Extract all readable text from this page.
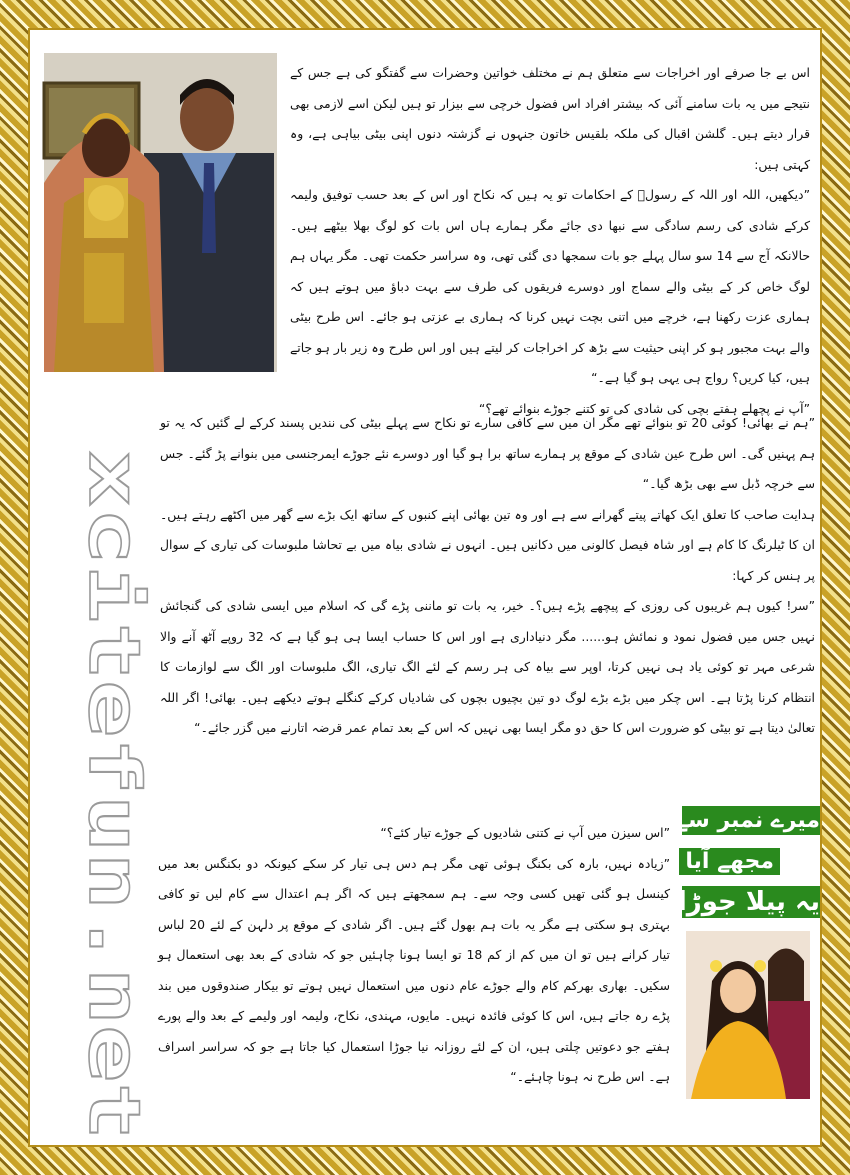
اس بے جا صرفے اور اخراجات سے متعلق ہم نے مختلف خواتین وحضرات سے گفتگو کی ہے جس کے نتیجے میں یہ بات سامنے آئی کہ بیشتر افراد اس فضول خرچی سے بیزار تو ہیں لیکن اسے لازمی بھی قرار دیتے ہیں۔ گلشن اقبال کی ملکہ بلقیس خاتون جنہوں نے گزشتہ دنوں اپنی بیٹی بیاہی ہے، وہ کہتی ہیں:

”دیکھیں، اللہ اور اللہ کے رسولؐ کے احکامات تو یہ ہیں کہ نکاح اور اس کے بعد حسب توفیق ولیمہ کرکے شادی کی رسم سادگی سے نبھا دی جائے مگر ہمارے ہاں اس بات کو لوگ بھلا بیٹھے ہیں۔ حالانکہ آج سے 14 سو سال پہلے جو بات سمجھا دی گئی تھی، وہ سراسر حکمت تھی۔ مگر یہاں ہم لوگ خاص کر کے بیٹی والے سماج اور دوسرے فریقوں کی طرف سے بہت دباؤ میں ہوتے ہیں کہ ہماری عزت رکھنا ہے، خرچے میں اتنی بچت نہیں کرنا کہ ہماری بے عزتی ہو جائے۔ اس طرح بیٹی والے بہت مجبور ہو کر اپنی حیثیت سے بڑھ کر اخراجات کر لیتے ہیں اور اس طرح وہ زیر بار ہو جاتے ہیں، کیا کریں؟ رواج ہی یہی ہو گیا ہے۔“

”آپ نے پچھلے ہفتے بچی کی شادی کی تو کتنے جوڑے بنوائے تھے؟“

”ہم نے بھائی! کوئی 20 تو بنوائے تھے مگر ان میں سے کافی سارے تو نکاح سے پہلے بیٹی کی نندیں پسند کرکے لے گئیں کہ یہ تو ہم پہنیں گی۔ اس طرح عین شادی کے موقع پر ہمارے ساتھ برا ہو گیا اور دوسرے نئے جوڑے ایمرجنسی میں بنوانے پڑ گئے۔ جس سے خرچہ ڈبل سے بھی بڑھ گیا۔“

ہدایت صاحب کا تعلق ایک کھاتے پیتے گھرانے سے ہے اور وہ تین بھائی اپنے کنبوں کے ساتھ ایک بڑے سے گھر میں اکٹھے رہتے ہیں۔ ان کا ٹیلرنگ کا کام ہے اور شاہ فیصل کالونی میں دکانیں ہیں۔ انہوں نے شادی بیاہ میں بے تحاشا ملبوسات کی تیاری کے سوال پر ہنس کر کہا:

”سر! کیوں ہم غریبوں کی روزی کے پیچھے پڑے ہیں؟۔ خیر، یہ بات تو ماننی پڑے گی کہ اسلام میں ایسی شادی کی گنجائش نہیں جس میں فضول نمود و نمائش ہو...... مگر دنیاداری ہے اور اس کا حساب ایسا ہی ہو گیا ہے کہ 32 روپے آٹھ آنے والا شرعی مہر تو کوئی یاد ہی نہیں کرتا، اوپر سے بیاہ کی ہر رسم کے لئے الگ تیاری، الگ ملبوسات اور الگ سے لوازمات کا انتظام کرنا پڑتا ہے۔ اس چکر میں بڑے بڑے لوگ دو تین بچیوں بچوں کی شادیاں کرکے کنگلے ہوتے دیکھے ہیں۔ بھائی! اگر اللہ تعالیٰ دیتا ہے تو بیٹی کو ضرورت اس کا حق دو مگر ایسا بھی نہیں کہ اس کے بعد تمام عمر قرضہ اتارنے میں گزر جائے۔“

”اس سیزن میں آپ نے کتنی شادیوں کے جوڑے تیار کئے؟“

”زیادہ نہیں، بارہ کی بکنگ ہوئی تھی مگر ہم دس ہی تیار کر سکے کیونکہ دو بکنگس بعد میں کینسل ہو گئی تھیں کسی وجہ سے۔ ہم سمجھتے ہیں کہ اگر ہم اعتدال سے کام لیں تو کافی بہتری ہو سکتی ہے مگر یہ بات ہم بھول گئے ہیں۔ اگر شادی کے موقع پر دلہن کے لئے 20 لباس تیار کرانے ہیں تو ان میں کم از کم 18 تو ایسا ہونا چاہئیں جو کہ شادی کے بعد بھی استعمال ہو سکیں۔ بھاری بھرکم کام والے جوڑے عام دنوں میں استعمال نہیں ہوتے تو بیکار صندوقوں میں بند پڑے رہ جاتے ہیں، اس کا کوئی فائدہ نہیں۔ مایوں، مہندی، نکاح، ولیمہ اور ولیمے کے بعد والے پورے ہفتے جو دعوتیں چلتی ہیں، ان کے لئے روزانہ نیا جوڑا استعمال کیا جاتا ہے جو کہ سراسر اسراف ہے۔ اس طرح نہ ہونا چاہئے۔“

xcitefun.net	میرے نمبر سے آج
مجھے آیا
یہ پیلا جوڑا
